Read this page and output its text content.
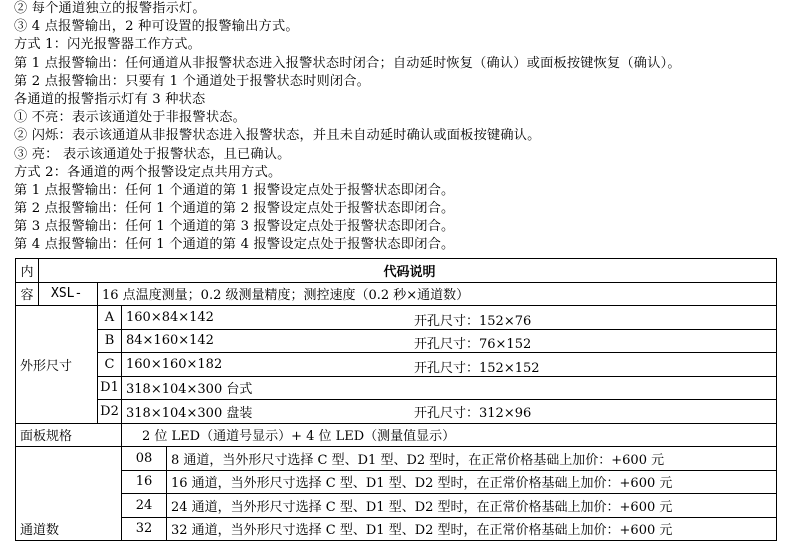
② 每个通道独立的报警指示灯。
③ 4 点报警输出，2 种可设置的报警输出方式。
方式 1：闪光报警器工作方式。
第 1 点报警输出：任何通道从非报警状态进入报警状态时闭合；自动延时恢复（确认）或面板按键恢复（确认）。
第 2 点报警输出：只要有 1 个通道处于报警状态时则闭合。
各通道的报警指示灯有 3 种状态
① 不亮：表示该通道处于非报警状态。
② 闪烁：表示该通道从非报警状态进入报警状态，并且未自动延时确认或面板按键确认。
③ 亮： 表示该通道处于报警状态，且已确认。
方式 2：各通道的两个报警设定点共用方式。
第 1 点报警输出：任何 1 个通道的第 1 报警设定点处于报警状态即闭合。
第 2 点报警输出：任何 1 个通道的第 2 报警设定点处于报警状态即闭合。
第 3 点报警输出：任何 1 个通道的第 3 报警设定点处于报警状态即闭合。
第 4 点报警输出：任何 1 个通道的第 4 报警设定点处于报警状态即闭合。
内	代码说明			
容	XSL-	16 点温度测量；0.2 级测量精度；测控速度（0.2 秒×通道数）		
外形尺寸		A	160×84×142 开孔尺寸：152×76	

		B	84×160×142 开孔尺寸：76×152	

		C	160×160×182 开孔尺寸：152×152	

		D1	318×104×300 台式	
		D2	318×104×300 盘装 开孔尺寸：312×96	

面板规格			2 位 LED（通道号显示）+ 4 位 LED（测量值显示）	
通道数			08	8 通道，当外形尺寸选择 C 型、D1 型、D2 型时，在正常价格基础上加价：+600 元
			16	16 通道，当外形尺寸选择 C 型、D1 型、D2 型时，在正常价格基础上加价：+600 元
			24	24 通道，当外形尺寸选择 C 型、D1 型、D2 型时，在正常价格基础上加价：+600 元
			32	32 通道，当外形尺寸选择 C 型、D1 型、D2 型时，在正常价格基础上加价：+600 元
